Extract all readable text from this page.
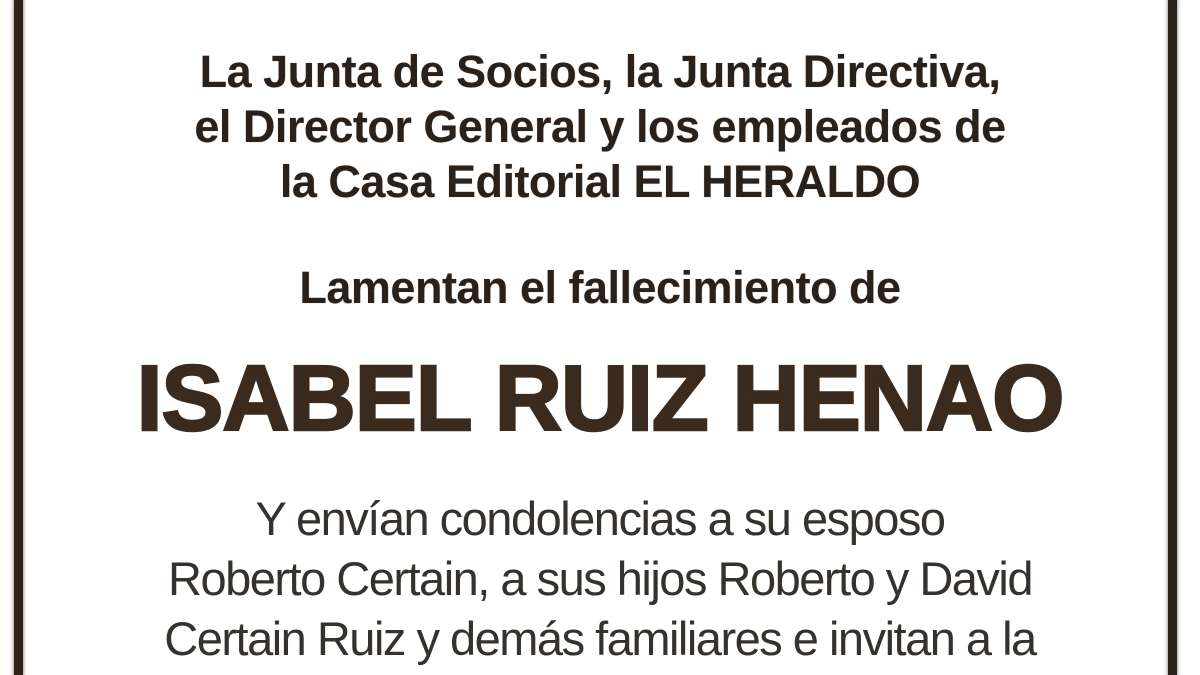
La Junta de Socios, la Junta Directiva,
el Director General y los empleados de
la Casa Editorial EL HERALDO
Lamentan el fallecimiento de
ISABEL RUIZ HENAO
Y envían condolencias a su esposo
Roberto Certain, a sus hijos Roberto y David
Certain Ruiz y demás familiares e invitan a la
